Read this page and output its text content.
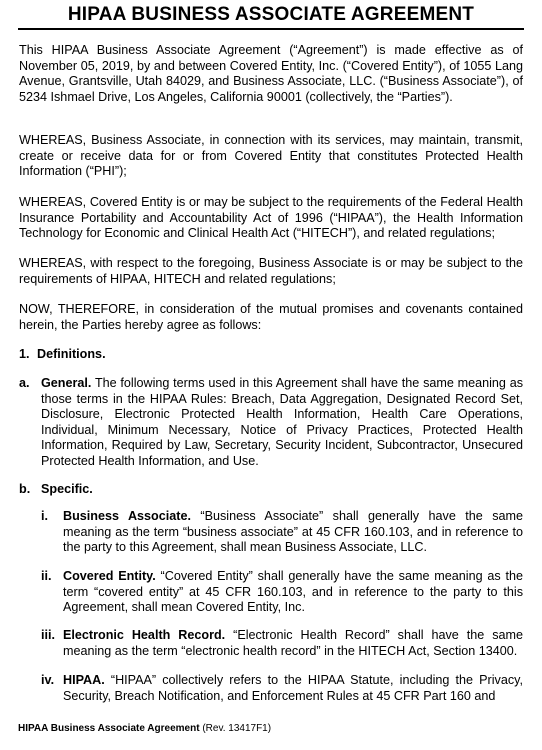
HIPAA BUSINESS ASSOCIATE AGREEMENT

This HIPAA Business Associate Agreement (“Agreement”) is made effective as of November 05, 2019, by and between Covered Entity, Inc. (“Covered Entity”), of 1055 Lang Avenue, Grantsville, Utah 84029, and Business Associate, LLC. (“Business Associate”), of 5234 Ishmael Drive, Los Angeles, California 90001 (collectively, the “Parties”).

WHEREAS, Business Associate, in connection with its services, may maintain, transmit, create or receive data for or from Covered Entity that constitutes Protected Health Information (“PHI”);

WHEREAS, Covered Entity is or may be subject to the requirements of the Federal Health Insurance Portability and Accountability Act of 1996 (“HIPAA”), the Health Information Technology for Economic and Clinical Health Act (“HITECH”), and related regulations;

WHEREAS, with respect to the foregoing, Business Associate is or may be subject to the requirements of HIPAA, HITECH and related regulations;

NOW, THEREFORE, in consideration of the mutual promises and covenants contained herein, the Parties hereby agree as follows:

1. Definitions.
a. General. The following terms used in this Agreement shall have the same meaning as those terms in the HIPAA Rules: Breach, Data Aggregation, Designated Record Set, Disclosure, Electronic Protected Health Information, Health Care Operations, Individual, Minimum Necessary, Notice of Privacy Practices, Protected Health Information, Required by Law, Secretary, Security Incident, Subcontractor, Unsecured Protected Health Information, and Use.

b. Specific.
i. Business Associate. “Business Associate” shall generally have the same meaning as the term “business associate” at 45 CFR 160.103, and in reference to the party to this Agreement, shall mean Business Associate, LLC.

ii. Covered Entity. “Covered Entity” shall generally have the same meaning as the term “covered entity” at 45 CFR 160.103, and in reference to the party to this Agreement, shall mean Covered Entity, Inc.

iii. Electronic Health Record. “Electronic Health Record” shall have the same meaning as the term “electronic health record” in the HITECH Act, Section 13400.

iv. HIPAA. “HIPAA” collectively refers to the HIPAA Statute, including the Privacy, Security, Breach Notification, and Enforcement Rules at 45 CFR Part 160 and

HIPAA Business Associate Agreement (Rev. 13417F1)
